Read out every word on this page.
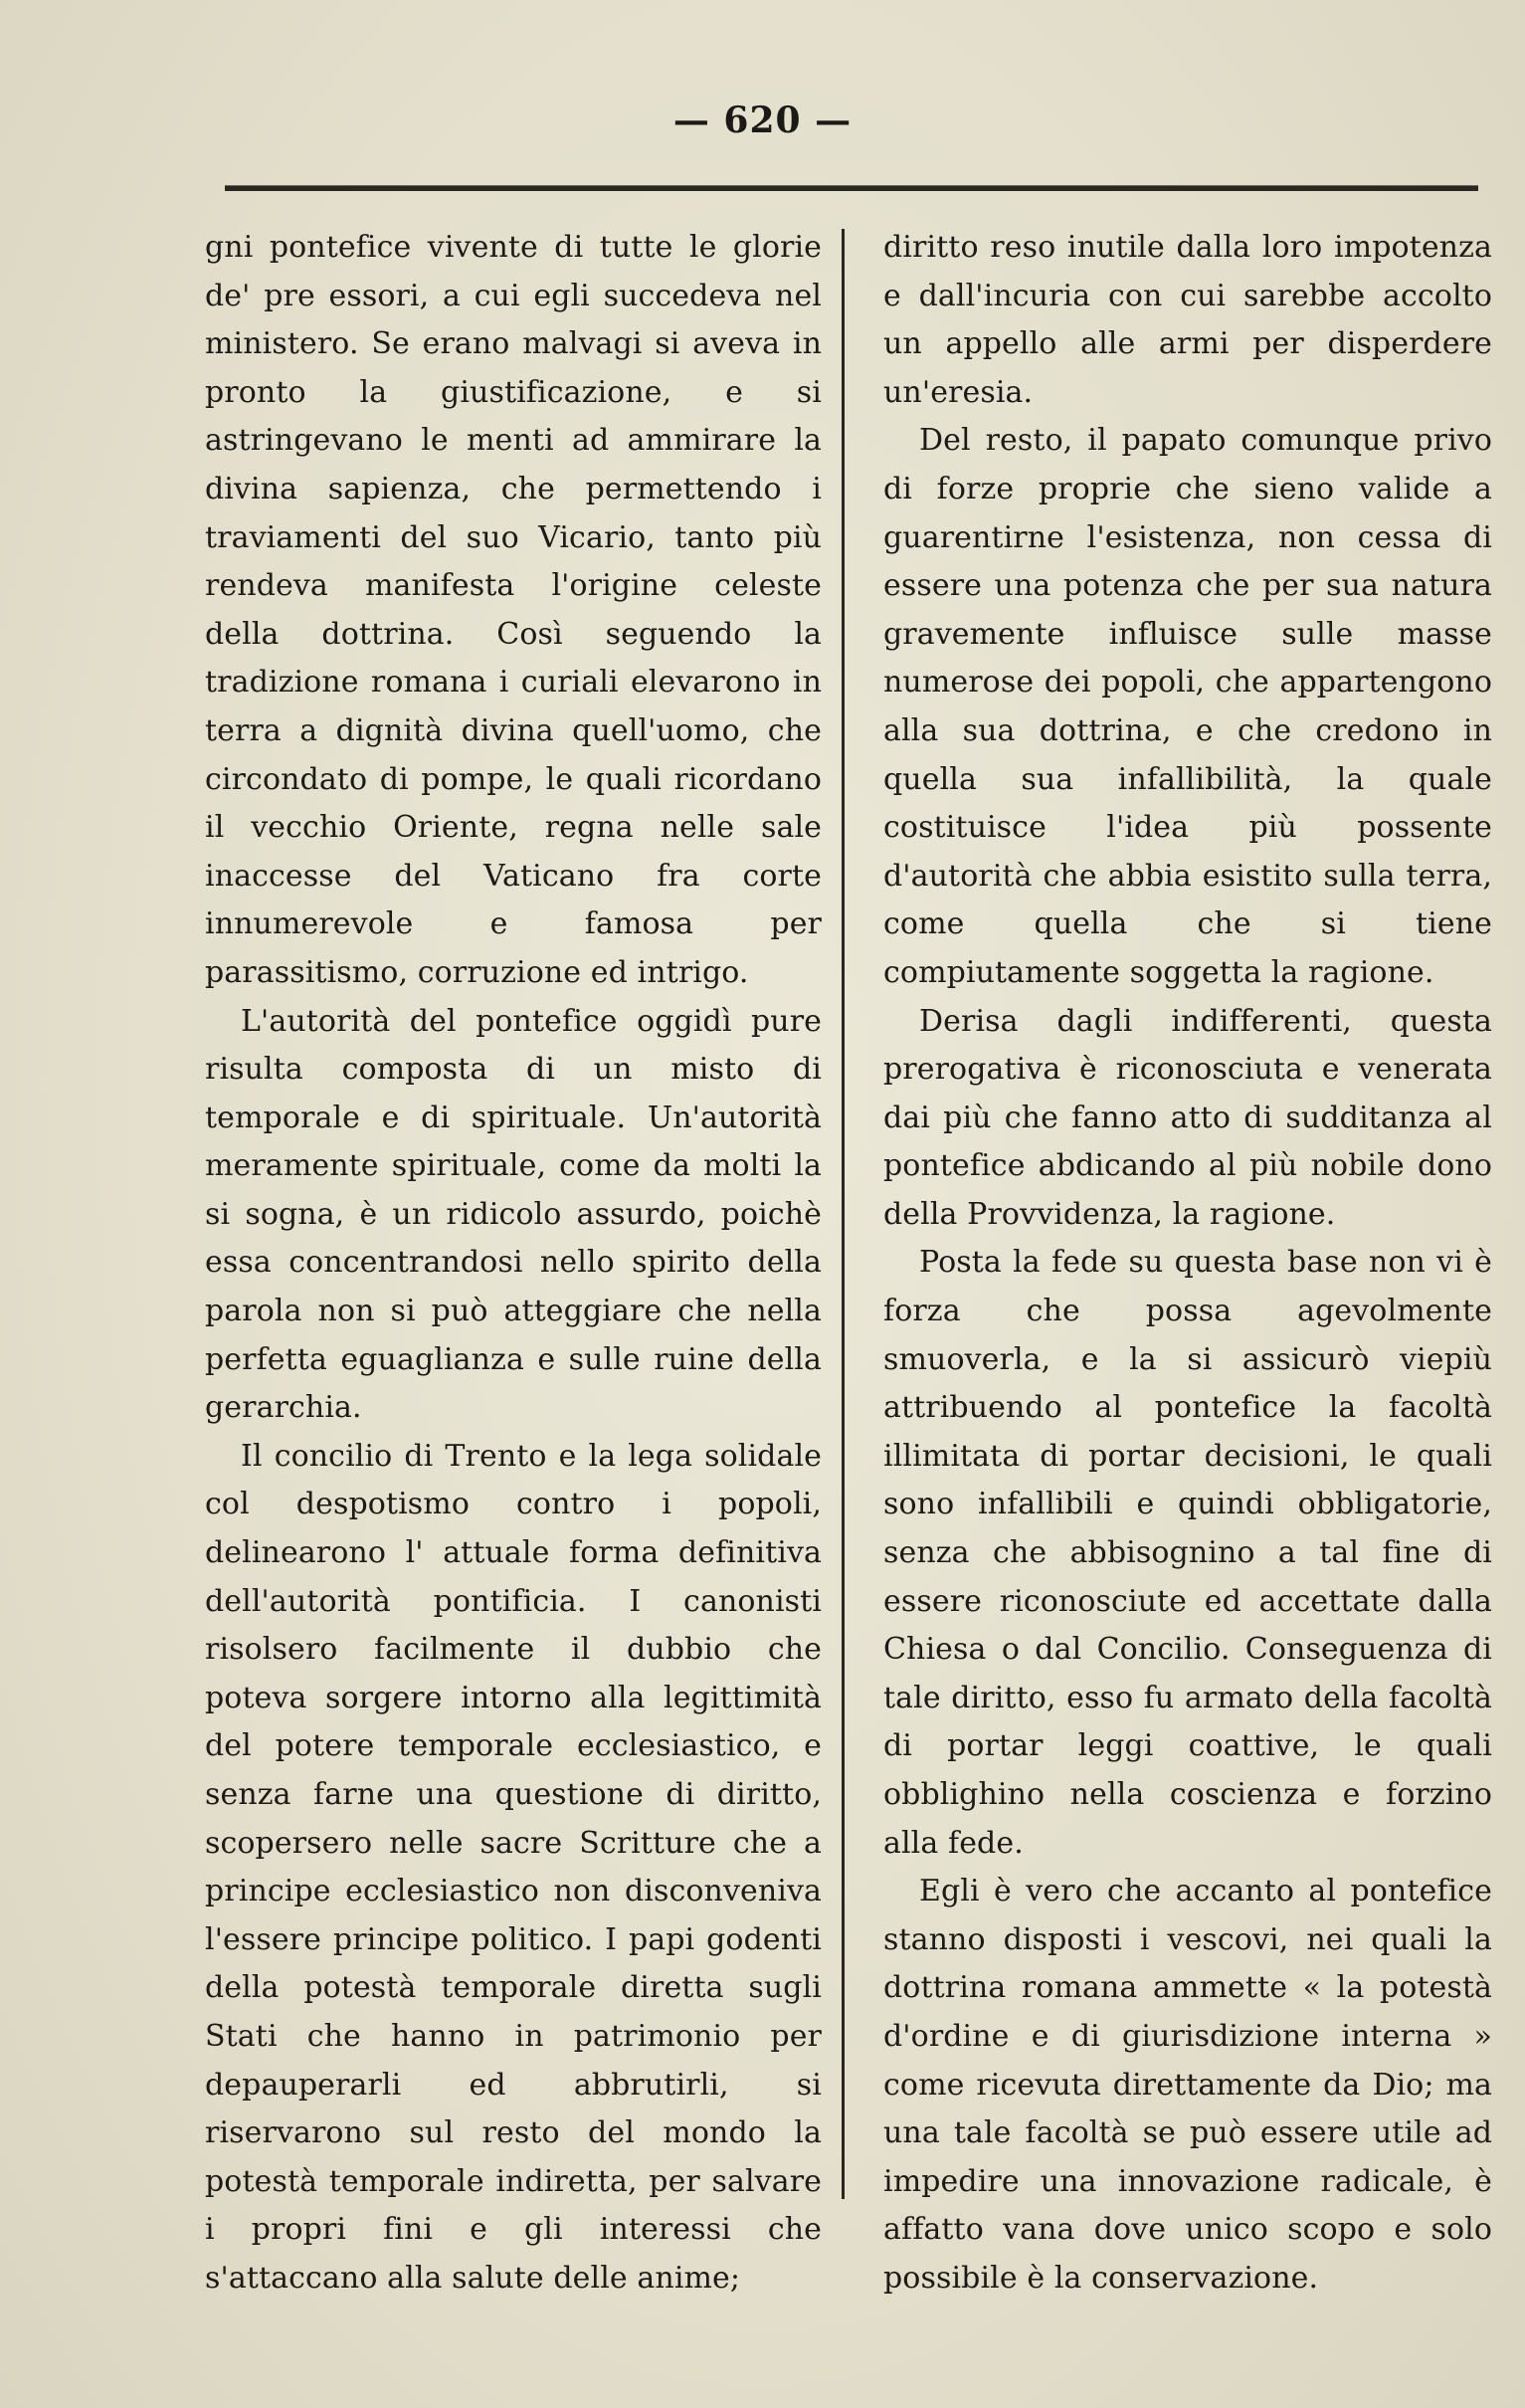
— 620 —

gni pontefice vivente di tutte le glorie de' pre essori, a cui egli succedeva nel ministero. Se erano malvagi si aveva in pronto la giustificazione, e si astringevano le menti ad ammirare la divina sapienza, che permettendo i traviamenti del suo Vicario, tanto più rendeva manifesta l'origine celeste della dottrina. Così seguendo la tradizione romana i curiali elevarono in terra a dignità divina quell'uomo, che circondato di pompe, le quali ricordano il vecchio Oriente, regna nelle sale inaccesse del Vaticano fra corte innumerevole e famosa per parassitismo, corruzione ed intrigo.

L'autorità del pontefice oggidì pure risulta composta di un misto di temporale e di spirituale. Un'autorità meramente spirituale, come da molti la si sogna, è un ridicolo assurdo, poichè essa concentrandosi nello spirito della parola non si può atteggiare che nella perfetta eguaglianza e sulle ruine della gerarchia.

Il concilio di Trento e la lega solidale col despotismo contro i popoli, delinearono l' attuale forma definitiva dell'autorità pontificia. I canonisti risolsero facilmente il dubbio che poteva sorgere intorno alla legittimità del potere temporale ecclesiastico, e senza farne una questione di diritto, scopersero nelle sacre Scritture che a principe ecclesiastico non disconveniva l'essere principe politico. I papi godenti della potestà temporale diretta sugli Stati che hanno in patrimonio per depauperarli ed abbrutirli, si riservarono sul resto del mondo la potestà temporale indiretta, per salvare i propri fini e gli interessi che s'attaccano alla salute delle anime;

diritto reso inutile dalla loro impotenza e dall'incuria con cui sarebbe accolto un appello alle armi per disperdere un'eresia.

Del resto, il papato comunque privo di forze proprie che sieno valide a guarentirne l'esistenza, non cessa di essere una potenza che per sua natura gravemente influisce sulle masse numerose dei popoli, che appartengono alla sua dottrina, e che credono in quella sua infallibilità, la quale costituisce l'idea più possente d'autorità che abbia esistito sulla terra, come quella che si tiene compiutamente soggetta la ragione.

Derisa dagli indifferenti, questa prerogativa è riconosciuta e venerata dai più che fanno atto di sudditanza al pontefice abdicando al più nobile dono della Provvidenza, la ragione.

Posta la fede su questa base non vi è forza che possa agevolmente smuoverla, e la si assicurò viepiù attribuendo al pontefice la facoltà illimitata di portar decisioni, le quali sono infallibili e quindi obbligatorie, senza che abbisognino a tal fine di essere riconosciute ed accettate dalla Chiesa o dal Concilio. Conseguenza di tale diritto, esso fu armato della facoltà di portar leggi coattive, le quali obblighino nella coscienza e forzino alla fede.

Egli è vero che accanto al pontefice stanno disposti i vescovi, nei quali la dottrina romana ammette « la potestà d'ordine e di giurisdizione interna » come ricevuta direttamente da Dio; ma una tale facoltà se può essere utile ad impedire una innovazione radicale, è affatto vana dove unico scopo e solo possibile è la conservazione.
